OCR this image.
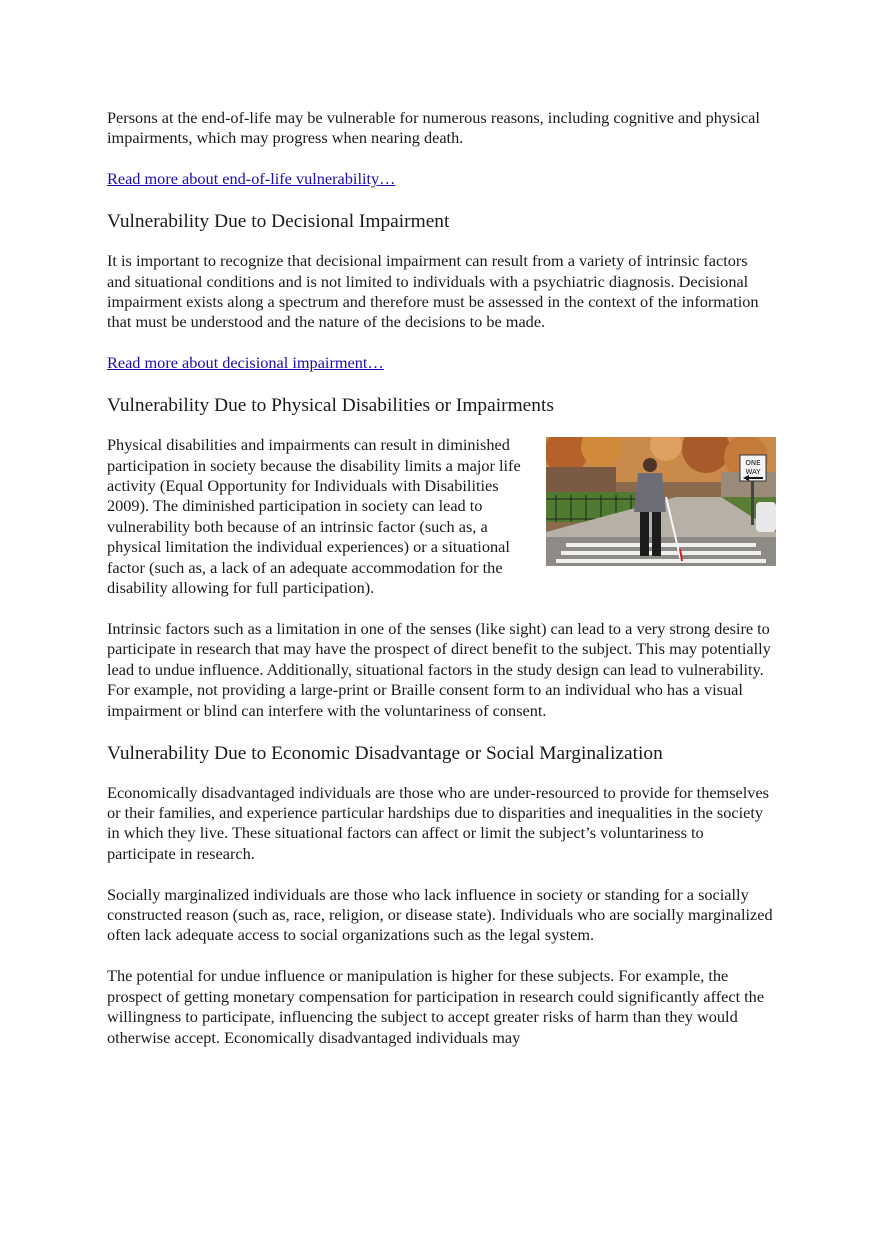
Persons at the end-of-life may be vulnerable for numerous reasons, including cognitive and physical impairments, which may progress when nearing death.

Read more about end-of-life vulnerability…

Vulnerability Due to Decisional Impairment

It is important to recognize that decisional impairment can result from a variety of intrinsic factors and situational conditions and is not limited to individuals with a psychiatric diagnosis. Decisional impairment exists along a spectrum and therefore must be assessed in the context of the information that must be understood and the nature of the decisions to be made.

Read more about decisional impairment…

Vulnerability Due to Physical Disabilities or Impairments
ONE
WAY

Physical disabilities and impairments can result in diminished participation in society because the disability limits a major life activity (Equal Opportunity for Individuals with Disabilities 2009). The diminished participation in society can lead to vulnerability both because of an intrinsic factor (such as, a physical limitation the individual experiences) or a situational factor (such as, a lack of an adequate accommodation for the disability allowing for full participation).

Intrinsic factors such as a limitation in one of the senses (like sight) can lead to a very strong desire to participate in research that may have the prospect of direct benefit to the subject. This may potentially lead to undue influence. Additionally, situational factors in the study design can lead to vulnerability. For example, not providing a large-print or Braille consent form to an individual who has a visual impairment or blind can interfere with the voluntariness of consent.

Vulnerability Due to Economic Disadvantage or Social Marginalization

Economically disadvantaged individuals are those who are under-resourced to provide for themselves or their families, and experience particular hardships due to disparities and inequalities in the society in which they live. These situational factors can affect or limit the subject’s voluntariness to participate in research.

Socially marginalized individuals are those who lack influence in society or standing for a socially constructed reason (such as, race, religion, or disease state). Individuals who are socially marginalized often lack adequate access to social organizations such as the legal system.

The potential for undue influence or manipulation is higher for these subjects. For example, the prospect of getting monetary compensation for participation in research could significantly affect the willingness to participate, influencing the subject to accept greater risks of harm than they would otherwise accept. Economically disadvantaged individuals may
